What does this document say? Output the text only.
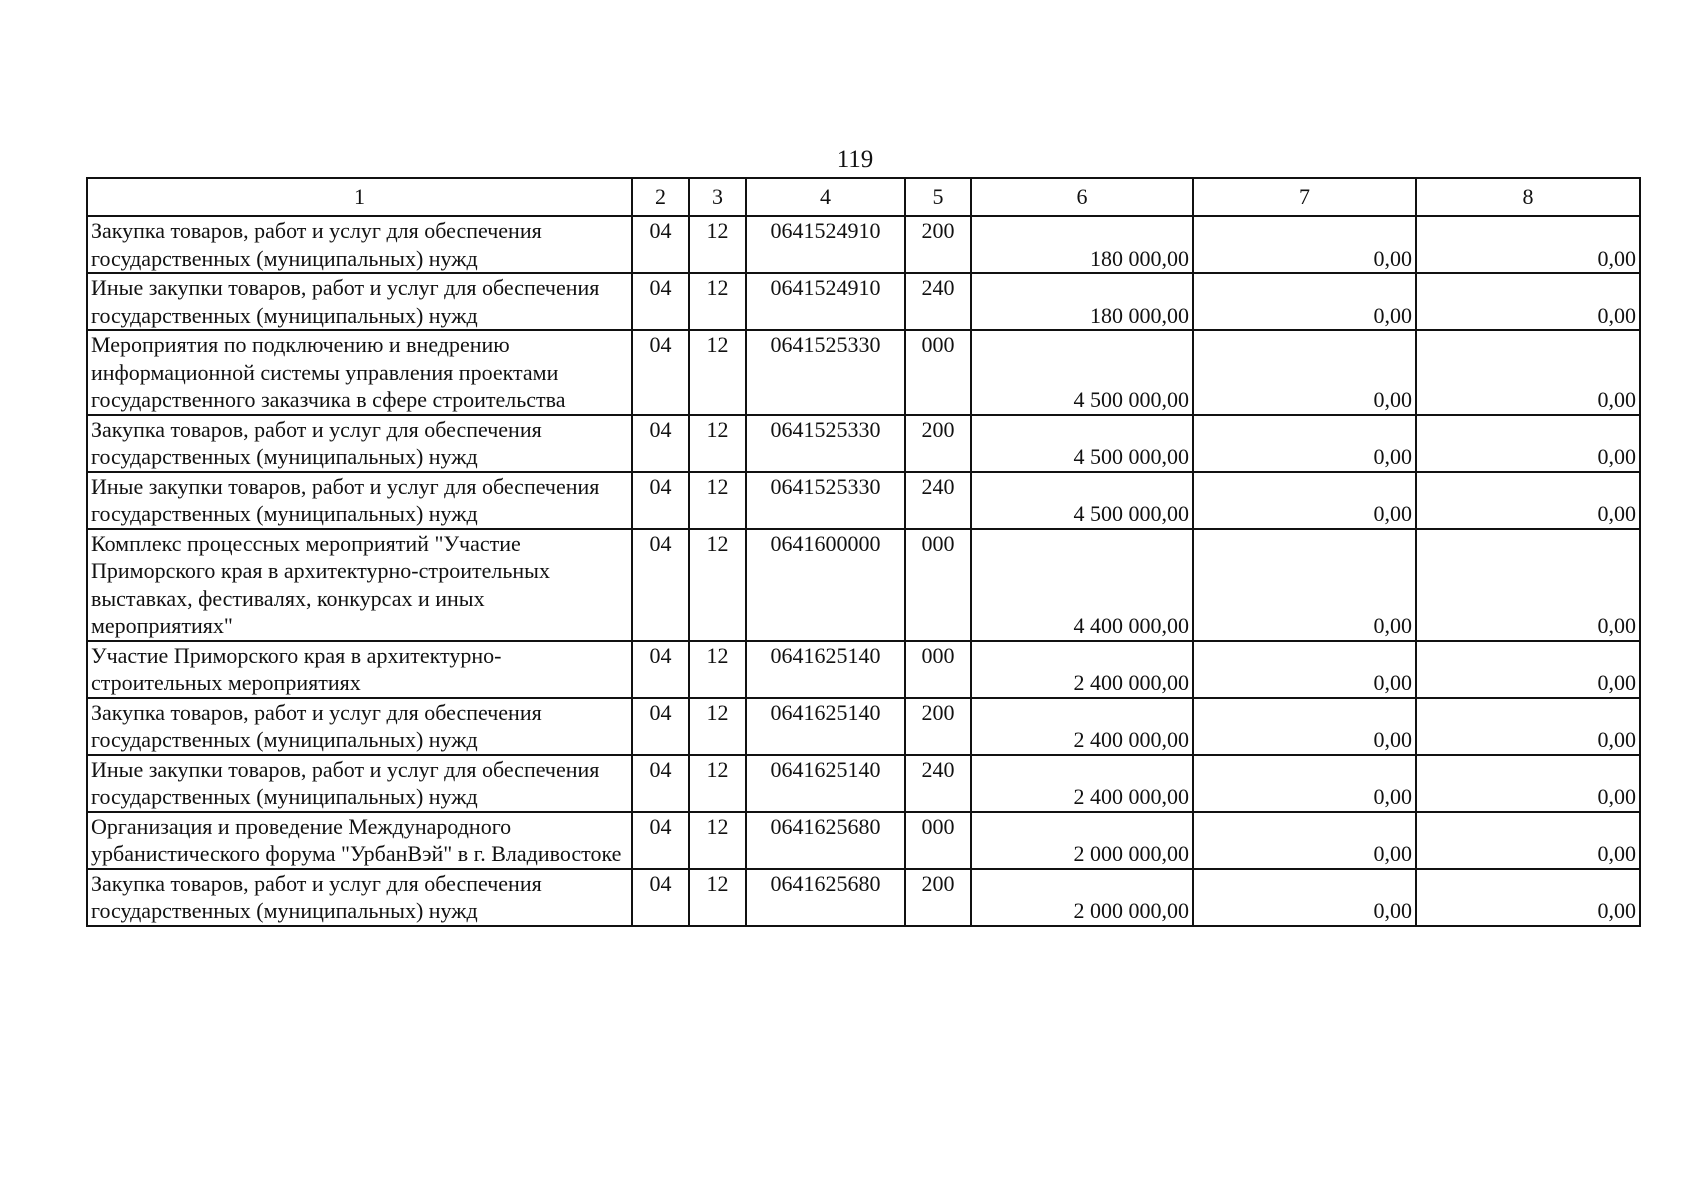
119
1	2	3	4	5	6	7	8
Закупка товаров, работ и услуг для обеспечения государственных (муниципальных) нужд	04	12	0641524910	200	180 000,00	0,00	0,00
Иные закупки товаров, работ и услуг для обеспечения государственных (муниципальных) нужд	04	12	0641524910	240	180 000,00	0,00	0,00
Мероприятия по подключению и внедрению информационной системы управления проектами государственного заказчика в сфере строительства	04	12	0641525330	000	4 500 000,00	0,00	0,00
Закупка товаров, работ и услуг для обеспечения государственных (муниципальных) нужд	04	12	0641525330	200	4 500 000,00	0,00	0,00
Иные закупки товаров, работ и услуг для обеспечения государственных (муниципальных) нужд	04	12	0641525330	240	4 500 000,00	0,00	0,00
Комплекс процессных мероприятий "Участие Приморского края в архитектурно-строительных выставках, фестивалях, конкурсах и иных мероприятиях"	04	12	0641600000	000	4 400 000,00	0,00	0,00
Участие Приморского края в архитектурно-строительных мероприятиях	04	12	0641625140	000	2 400 000,00	0,00	0,00
Закупка товаров, работ и услуг для обеспечения государственных (муниципальных) нужд	04	12	0641625140	200	2 400 000,00	0,00	0,00
Иные закупки товаров, работ и услуг для обеспечения государственных (муниципальных) нужд	04	12	0641625140	240	2 400 000,00	0,00	0,00
Организация и проведение Международного урбанистического форума "УрбанВэй" в г. Владивостоке	04	12	0641625680	000	2 000 000,00	0,00	0,00
Закупка товаров, работ и услуг для обеспечения государственных (муниципальных) нужд	04	12	0641625680	200	2 000 000,00	0,00	0,00
